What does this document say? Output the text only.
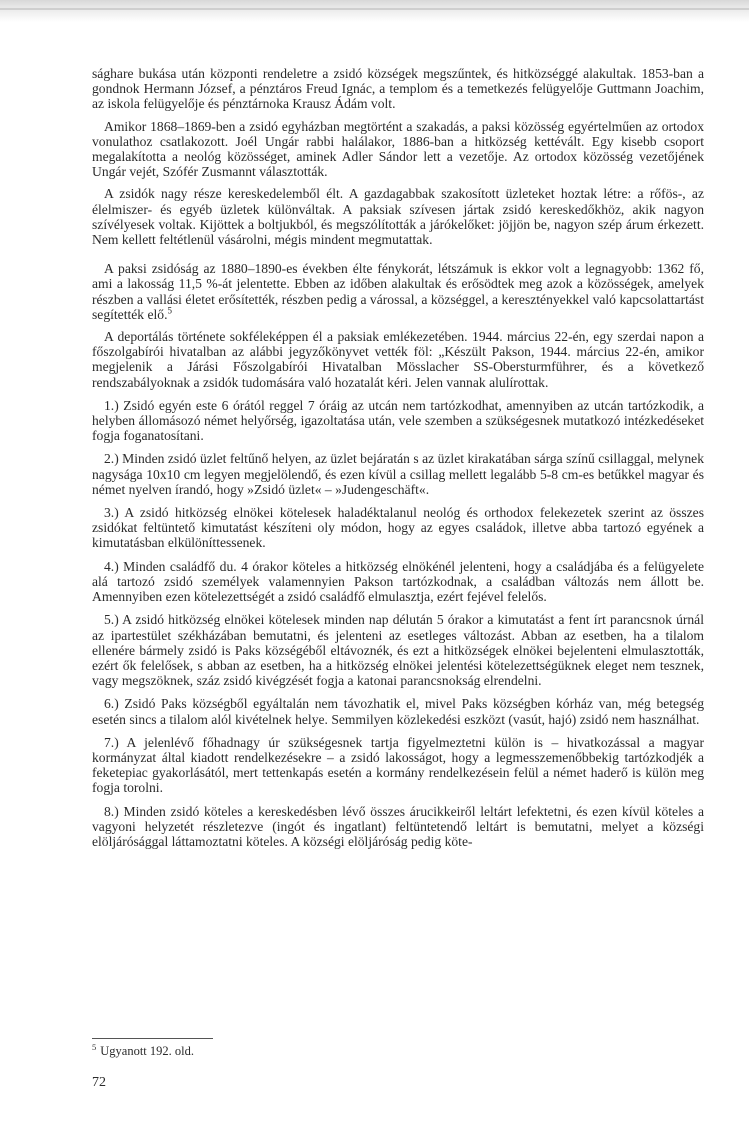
sághare bukása után központi rendeletre a zsidó községek megszűntek, és hitközséggé alakultak. 1853-ban a gondnok Hermann József, a pénztáros Freud Ignác, a templom és a temetkezés felügyelője Guttmann Joachim, az iskola felügyelője és pénztárnoka Krausz Ádám volt.

Amikor 1868–1869-ben a zsidó egyházban megtörtént a szakadás, a paksi közösség egyértelműen az ortodox vonulathoz csatlakozott. Joél Ungár rabbi halálakor, 1886-ban a hitközség kettévált. Egy kisebb csoport megalakította a neológ közösséget, aminek Adler Sándor lett a vezetője. Az ortodox közösség vezetőjének Ungár vejét, Szófér Zusmannt választották.

A zsidók nagy része kereskedelemből élt. A gazdagabbak szakosított üzleteket hoztak létre: a rőfös-, az élelmiszer- és egyéb üzletek különváltak. A paksiak szívesen jártak zsidó kereskedőkhöz, akik nagyon szívélyesek voltak. Kijöttek a boltjukból, és megszólították a járókelőket: jöjjön be, nagyon szép árum érkezett. Nem kellett feltétlenül vásárolni, mégis mindent megmutattak.

A paksi zsidóság az 1880–1890-es években élte fénykorát, létszámuk is ekkor volt a legnagyobb: 1362 fő, ami a lakosság 11,5 %-át jelentette. Ebben az időben alakultak és erősödtek meg azok a közösségek, amelyek részben a vallási életet erősítették, részben pedig a várossal, a községgel, a keresztényekkel való kapcsolattartást segítették elő.$^5$

A deportálás története sokféleképpen él a paksiak emlékezetében. 1944. március 22-én, egy szerdai napon a főszolgabírói hivatalban az alábbi jegyzőkönyvet vették föl: „Készült Pakson, 1944. március 22-én, amikor megjelenik a Járási Főszolgabírói Hivatalban Mösslacher SS-Obersturmführer, és a következő rendszabályoknak a zsidók tudomására való hozatalát kéri. Jelen vannak alulírottak.

1.) Zsidó egyén este 6 órától reggel 7 óráig az utcán nem tartózkodhat, amennyiben az utcán tartózkodik, a helyben állomásozó német helyőrség, igazoltatása után, vele szemben a szükségesnek mutatkozó intézkedéseket fogja foganatosítani.

2.) Minden zsidó üzlet feltűnő helyen, az üzlet bejáratán s az üzlet kirakatában sárga színű csillaggal, melynek nagysága 10x10 cm legyen megjelölendő, és ezen kívül a csillag mellett legalább 5-8 cm-es betűkkel magyar és német nyelven írandó, hogy »Zsidó üzlet« – »Judengeschäft«.

3.) A zsidó hitközség elnökei kötelesek haladéktalanul neológ és orthodox felekezetek szerint az összes zsidókat feltüntető kimutatást készíteni oly módon, hogy az egyes családok, illetve abba tartozó egyének a kimutatásban elkülöníttessenek.

4.) Minden családfő du. 4 órakor köteles a hitközség elnökénél jelenteni, hogy a családjába és a felügyelete alá tartozó zsidó személyek valamennyien Pakson tartózkodnak, a családban változás nem állott be. Amennyiben ezen kötelezettségét a zsidó családfő elmulasztja, ezért fejével felelős.

5.) A zsidó hitközség elnökei kötelesek minden nap délután 5 órakor a kimutatást a fent írt parancsnok úrnál az ipartestület székházában bemutatni, és jelenteni az esetleges változást. Abban az esetben, ha a tilalom ellenére bármely zsidó is Paks községéből eltávoznék, és ezt a hitközségek elnökei bejelenteni elmulasztották, ezért ők felelősek, s abban az esetben, ha a hitközség elnökei jelentési kötelezettségüknek eleget nem tesznek, vagy megszöknek, száz zsidó kivégzését fogja a katonai parancsnokság elrendelni.

6.) Zsidó Paks községből egyáltalán nem távozhatik el, mivel Paks községben kórház van, még betegség esetén sincs a tilalom alól kivételnek helye. Semmilyen közlekedési eszközt (vasút, hajó) zsidó nem használhat.

7.) A jelenlévő főhadnagy úr szükségesnek tartja figyelmeztetni külön is – hivatkozással a magyar kormányzat által kiadott rendelkezésekre – a zsidó lakosságot, hogy a legmesszemenőbbekig tartózkodjék a feketepiac gyakorlásától, mert tettenkapás esetén a kormány rendelkezésein felül a német haderő is külön meg fogja torolni.

8.) Minden zsidó köteles a kereskedésben lévő összes árucikkeiről leltárt lefektetni, és ezen kívül köteles a vagyoni helyzetét részletezve (ingót és ingatlant) feltüntetendő leltárt is bemutatni, melyet a községi elöljárósággal láttamoztatni köteles. A községi elöljáróság pedig köte-

$^5$ Ugyanott 192. old.
72
